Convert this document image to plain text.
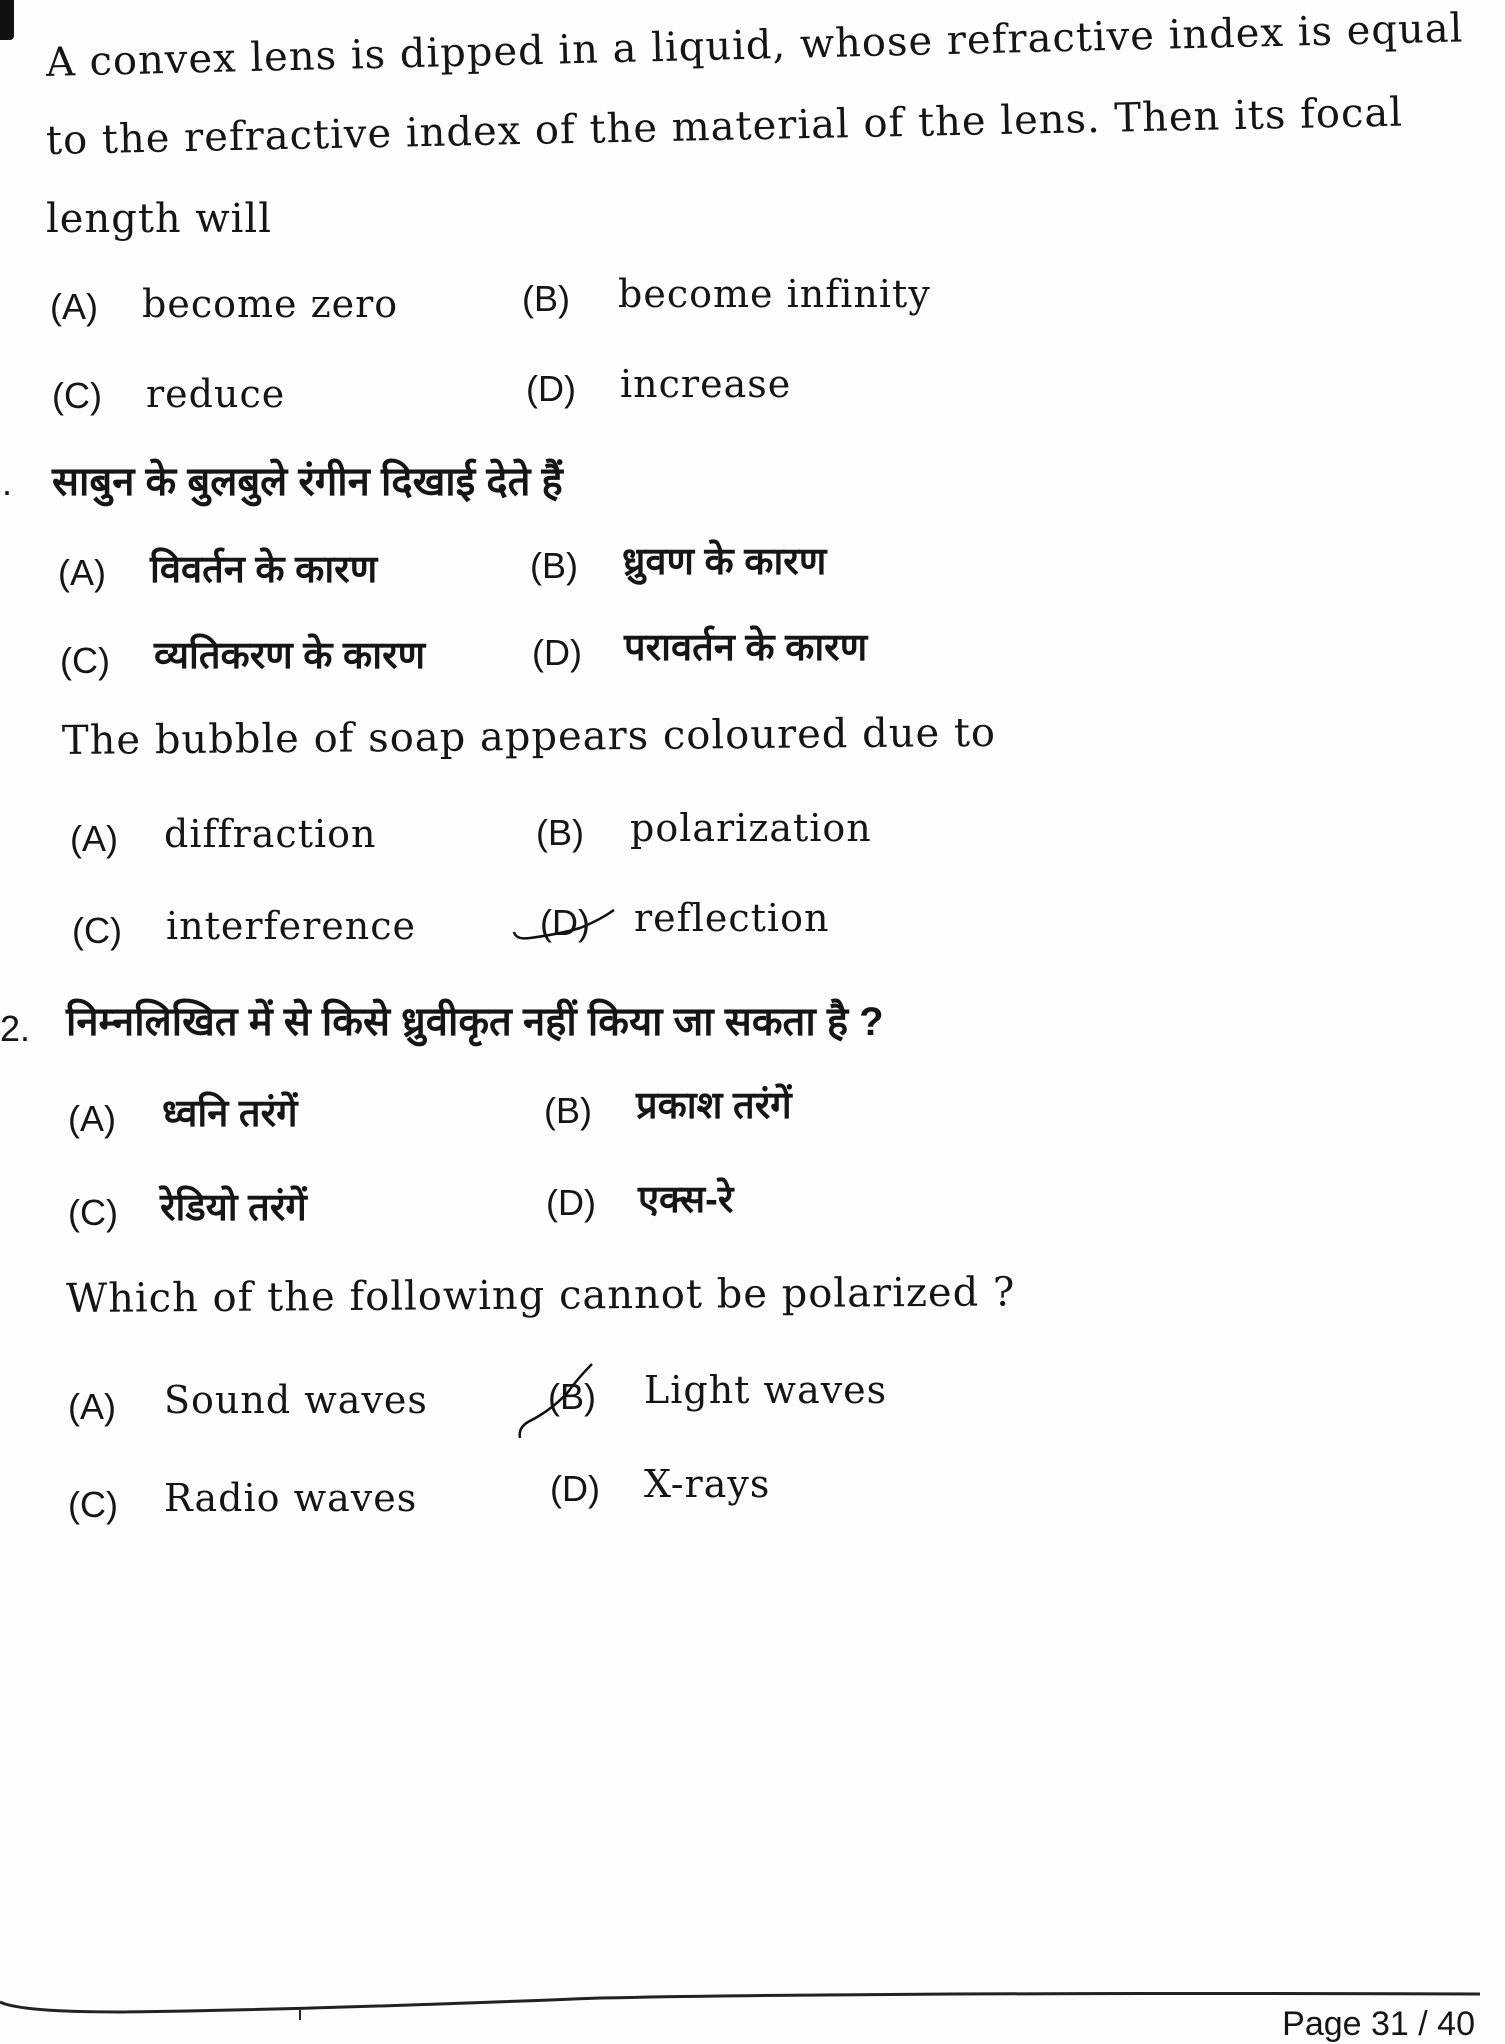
A convex lens is dipped in a liquid, whose refractive index is equal
to the refractive index of the material of the lens. Then its focal
length will
(A) become zero	(B) become infinity
(C) reduce	(D) increase
. साबुन के बुलबुले रंगीन दिखाई देते हैं
(A) विवर्तन के कारण	(B) ध्रुवण के कारण
(C) व्यतिकरण के कारण	(D) परावर्तन के कारण
The bubble of soap appears coloured due to
(A) diffraction	(B) polarization
(C) interference	(D) reflection
2. निम्नलिखित में से किसे ध्रुवीकृत नहीं किया जा सकता है ?
(A) ध्वनि तरंगें	(B) प्रकाश तरंगें
(C) रेडियो तरंगें	(D) एक्स-रे
Which of the following cannot be polarized ?
(A) Sound waves	(B) Light waves
(C) Radio waves	(D) X-rays
Page 31 / 40
